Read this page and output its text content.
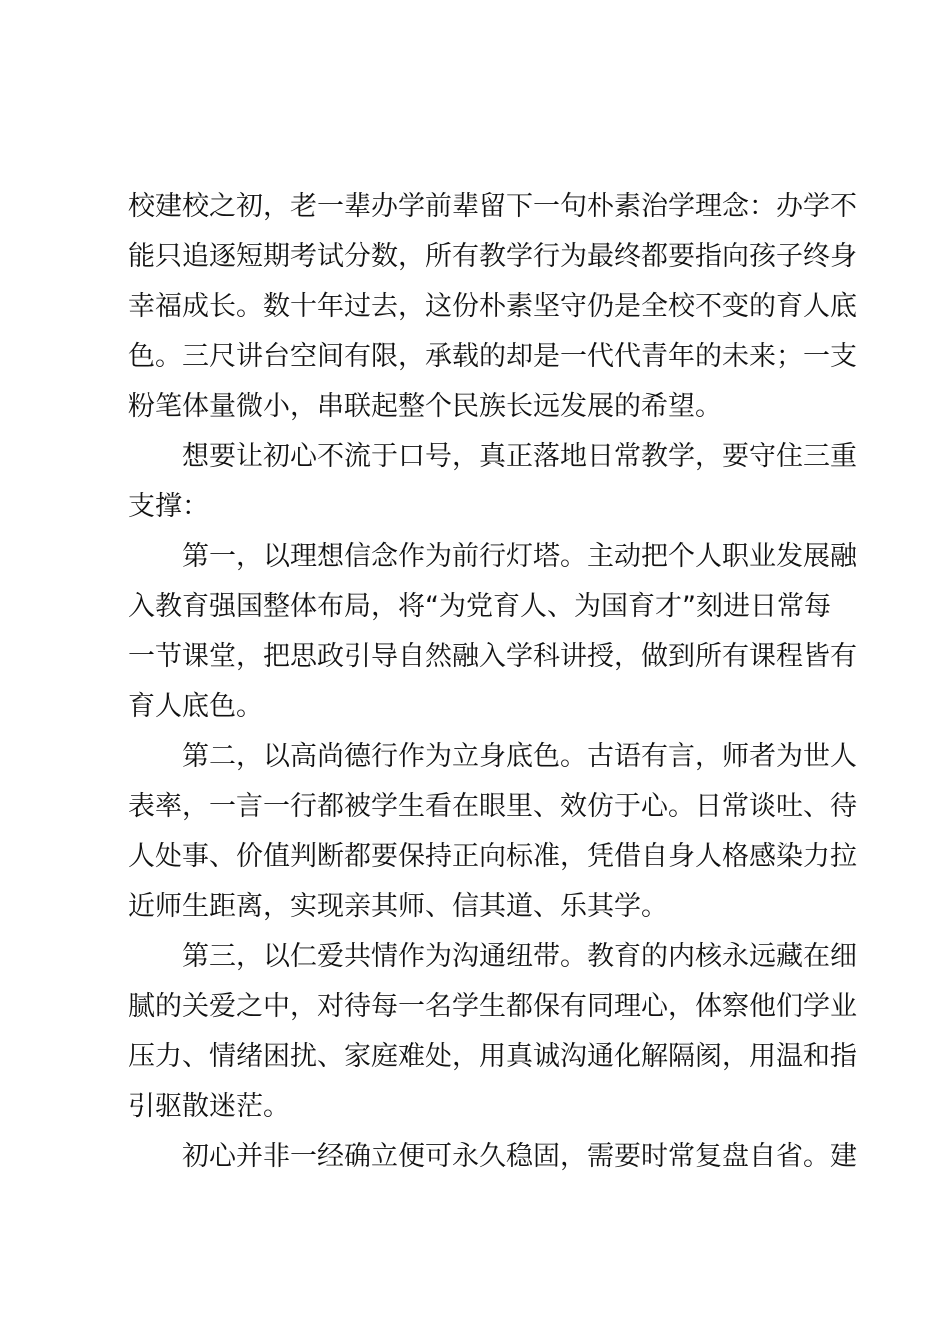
校建校之初，老一辈办学前辈留下一句朴素治学理念：办学不
能只追逐短期考试分数，所有教学行为最终都要指向孩子终身
幸福成长。数十年过去，这份朴素坚守仍是全校不变的育人底
色。三尺讲台空间有限，承载的却是一代代青年的未来；一支
粉笔体量微小，串联起整个民族长远发展的希望。
想要让初心不流于口号，真正落地日常教学，要守住三重
支撑：
第一，以理想信念作为前行灯塔。主动把个人职业发展融
入教育强国整体布局，将“为党育人、为国育才”刻进日常每
一节课堂，把思政引导自然融入学科讲授，做到所有课程皆有
育人底色。
第二，以高尚德行作为立身底色。古语有言，师者为世人
表率，一言一行都被学生看在眼里、效仿于心。日常谈吐、待
人处事、价值判断都要保持正向标准，凭借自身人格感染力拉
近师生距离，实现亲其师、信其道、乐其学。
第三，以仁爱共情作为沟通纽带。教育的内核永远藏在细
腻的关爱之中，对待每一名学生都保有同理心，体察他们学业
压力、情绪困扰、家庭难处，用真诚沟通化解隔阂，用温和指
引驱散迷茫。
初心并非一经确立便可永久稳固，需要时常复盘自省。建
